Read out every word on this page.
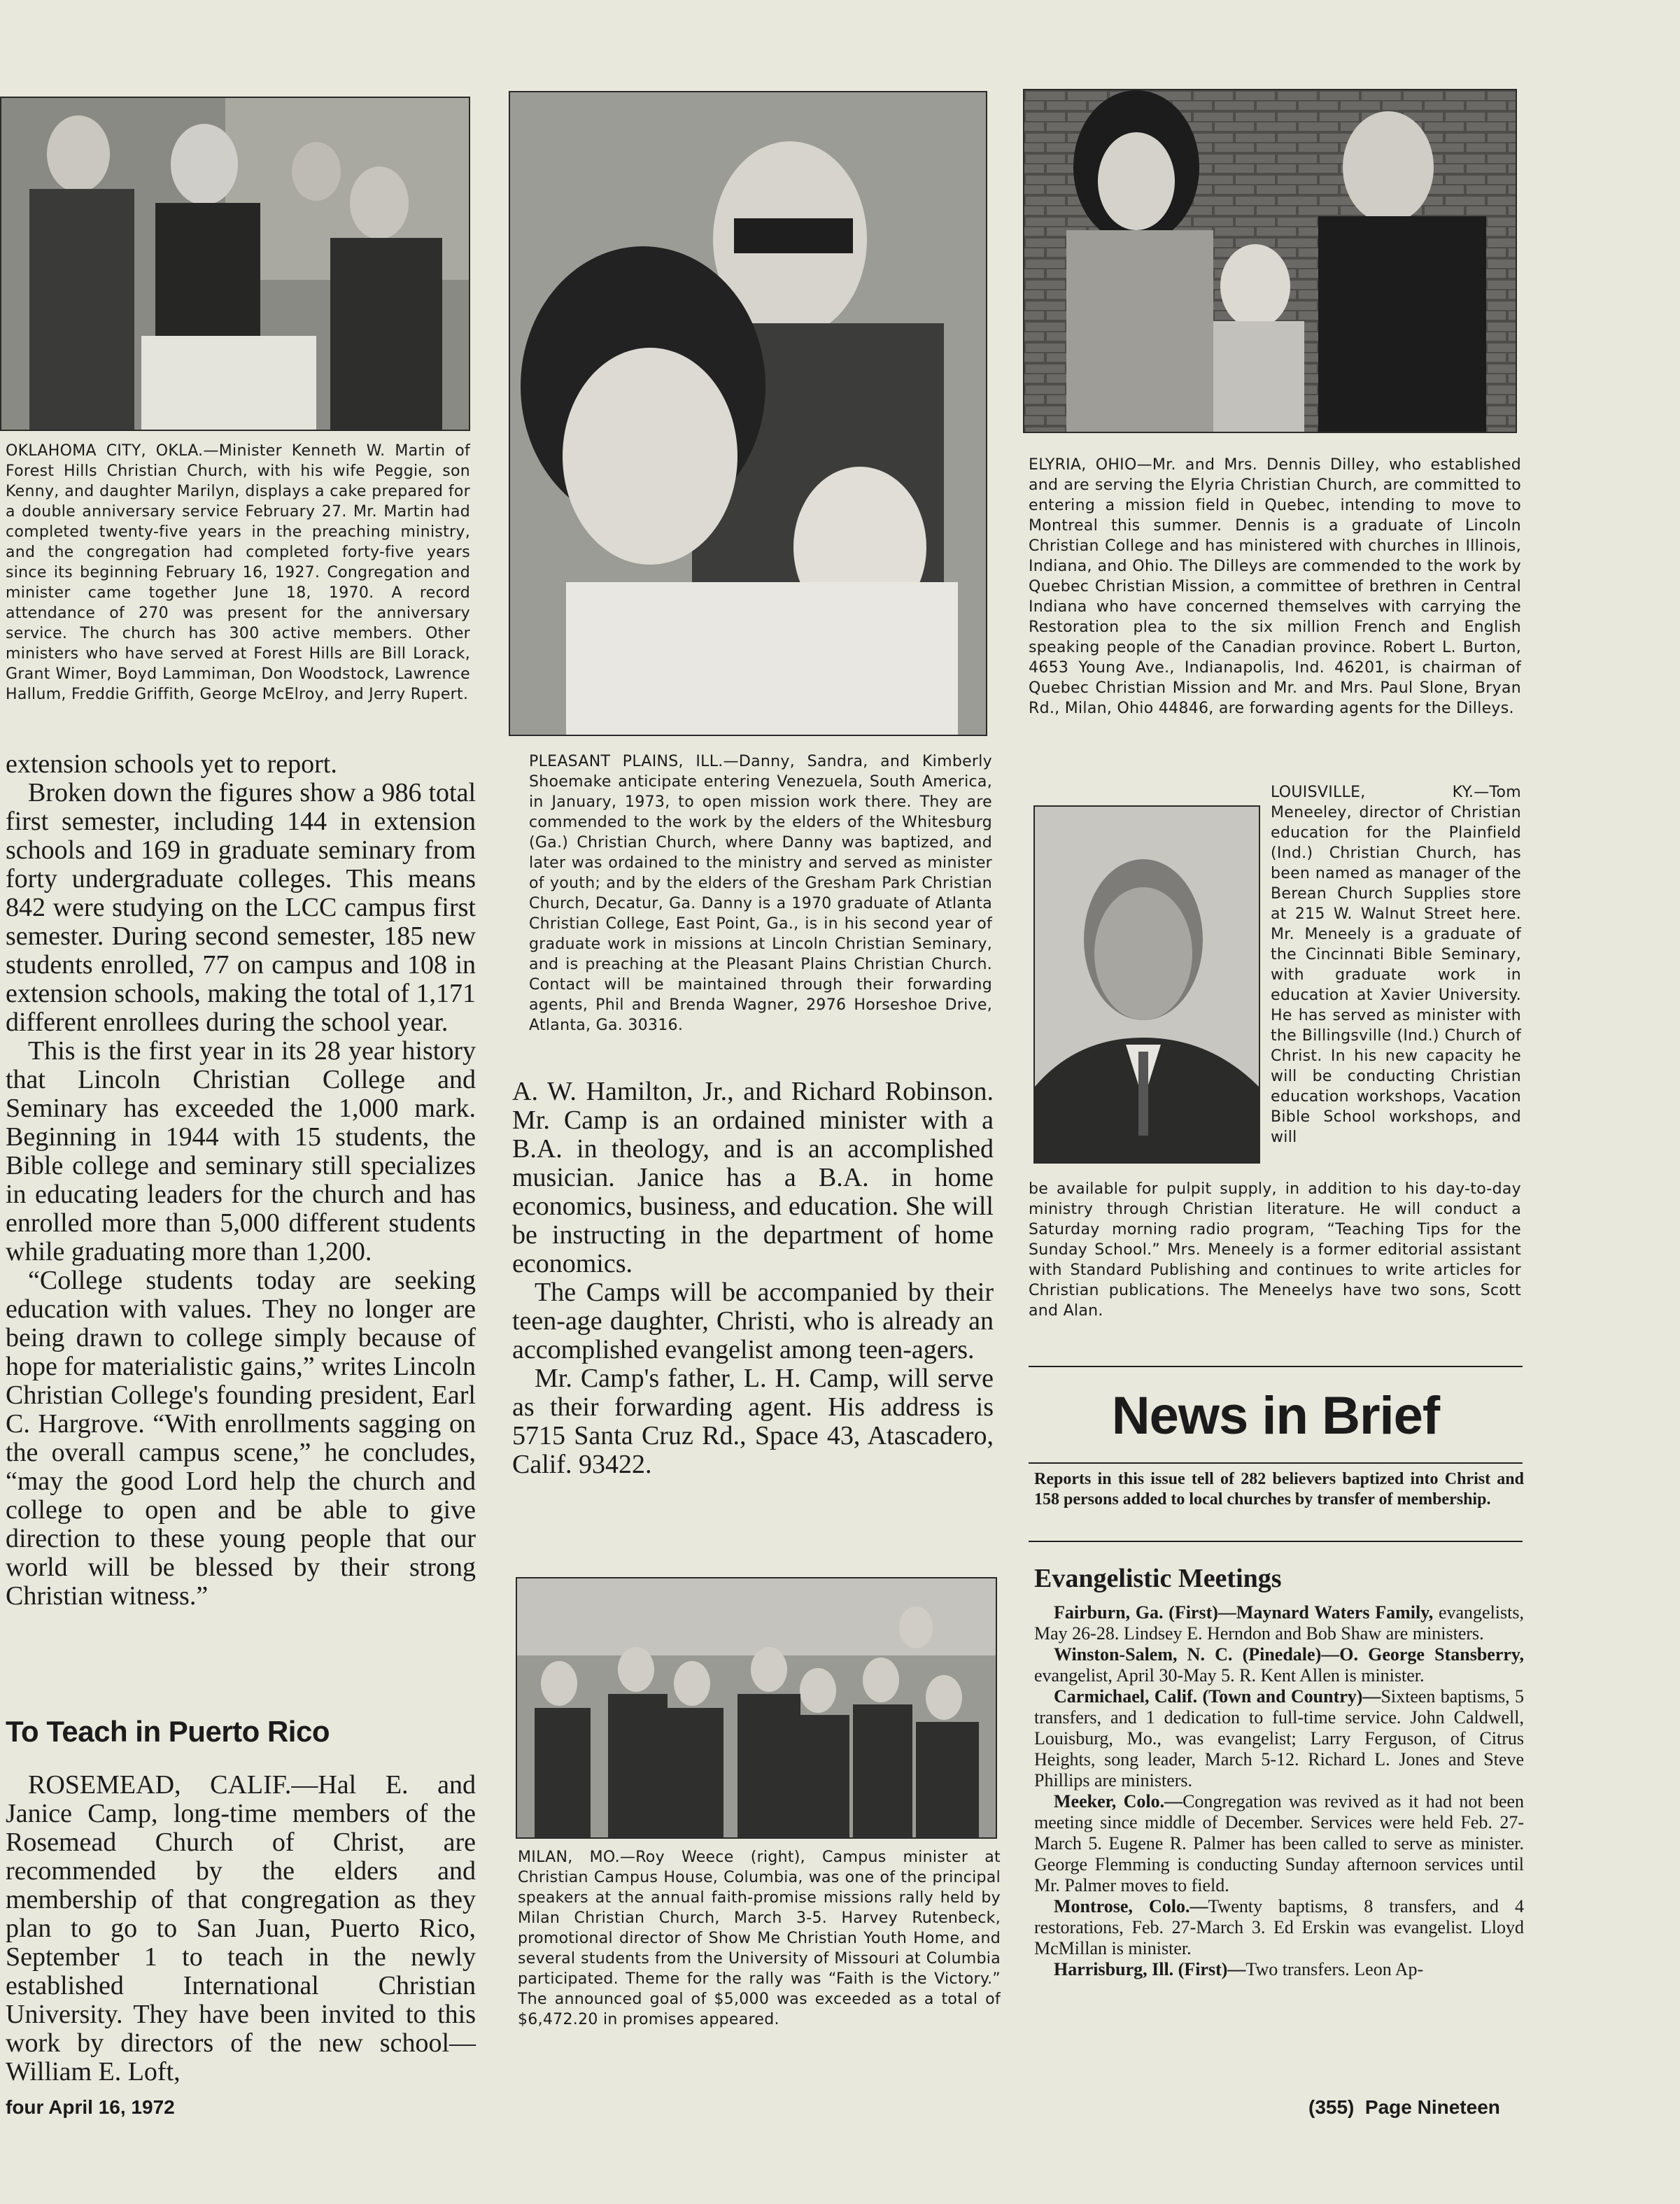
OKLAHOMA CITY, OKLA.—Minister Kenneth W. Martin of Forest Hills Christian Church, with his wife Peggie, son Kenny, and daughter Marilyn, displays a cake prepared for a double anniversary service February 27. Mr. Martin had completed twenty-five years in the preaching ministry, and the congregation had completed forty-five years since its beginning February 16, 1927. Congregation and minister came together June 18, 1970. A record attendance of 270 was present for the anniversary service. The church has 300 active members. Other ministers who have served at Forest Hills are Bill Lorack, Grant Wimer, Boyd Lammiman, Don Woodstock, Lawrence Hallum, Freddie Griffith, George McElroy, and Jerry Rupert.
PLEASANT PLAINS, ILL.—Danny, Sandra, and Kimberly Shoemake anticipate entering Venezuela, South America, in January, 1973, to open mission work there. They are commended to the work by the elders of the Whitesburg (Ga.) Christian Church, where Danny was baptized, and later was ordained to the ministry and served as minister of youth; and by the elders of the Gresham Park Christian Church, Decatur, Ga. Danny is a 1970 graduate of Atlanta Christian College, East Point, Ga., is in his second year of graduate work in missions at Lincoln Christian Seminary, and is preaching at the Pleasant Plains Christian Church. Contact will be maintained through their forwarding agents, Phil and Brenda Wagner, 2976 Horseshoe Drive, Atlanta, Ga. 30316.
ELYRIA, OHIO—Mr. and Mrs. Dennis Dilley, who established and are serving the Elyria Christian Church, are committed to entering a mission field in Quebec, intending to move to Montreal this summer. Dennis is a graduate of Lincoln Christian College and has ministered with churches in Illinois, Indiana, and Ohio. The Dilleys are commended to the work by Quebec Christian Mission, a committee of brethren in Central Indiana who have concerned themselves with carrying the Restoration plea to the six million French and English speaking people of the Canadian province. Robert L. Burton, 4653 Young Ave., Indianapolis, Ind. 46201, is chairman of Quebec Christian Mission and Mr. and Mrs. Paul Slone, Bryan Rd., Milan, Ohio 44846, are forwarding agents for the Dilleys.
LOUISVILLE, KY.—Tom Meneeley, director of Christian education for the Plainfield (Ind.) Christian Church, has been named as manager of the Berean Church Supplies store at 215 W. Walnut Street here. Mr. Meneely is a graduate of the Cincinnati Bible Seminary, with graduate work in education at Xavier University. He has served as minister with the Billingsville (Ind.) Church of Christ. In his new capacity he will be conducting Christian education workshops, Vacation Bible School workshops, and will
be available for pulpit supply, in addition to his day-to-day ministry through Christian literature. He will conduct a Saturday morning radio program, “Teaching Tips for the Sunday School.” Mrs. Meneely is a former editorial assistant with Standard Publishing and continues to write articles for Christian publications. The Meneelys have two sons, Scott and Alan.
MILAN, MO.—Roy Weece (right), Campus minister at Christian Campus House, Columbia, was one of the principal speakers at the annual faith-promise missions rally held by Milan Christian Church, March 3-5. Harvey Rutenbeck, promotional director of Show Me Christian Youth Home, and several students from the University of Missouri at Columbia participated. Theme for the rally was “Faith is the Victory.” The announced goal of $5,000 was exceeded as a total of $6,472.20 in promises appeared.

extension schools yet to report.

Broken down the figures show a 986 total first semester, including 144 in extension schools and 169 in graduate seminary from forty undergraduate colleges. This means 842 were studying on the LCC campus first semester. During second semester, 185 new students enrolled, 77 on campus and 108 in extension schools, making the total of 1,171 different enrollees during the school year.

This is the first year in its 28 year history that Lincoln Christian College and Seminary has exceeded the 1,000 mark. Beginning in 1944 with 15 students, the Bible college and seminary still specializes in educating leaders for the church and has enrolled more than 5,000 different students while graduating more than 1,200.

“College students today are seeking education with values. They no longer are being drawn to college simply because of hope for materialistic gains,” writes Lincoln Christian College's founding president, Earl C. Hargrove. “With enrollments sagging on the overall campus scene,” he concludes, “may the good Lord help the church and college to open and be able to give direction to these young people that our world will be blessed by their strong Christian witness.”

To Teach in Puerto Rico

ROSEMEAD, CALIF.—Hal E. and Janice Camp, long-time members of the Rosemead Church of Christ, are recommended by the elders and membership of that congregation as they plan to go to San Juan, Puerto Rico, September 1 to teach in the newly established International Christian University. They have been invited to this work by directors of the new school—William E. Loft,

A. W. Hamilton, Jr., and Richard Robinson. Mr. Camp is an ordained minister with a B.A. in theology, and is an accomplished musician. Janice has a B.A. in home economics, business, and education. She will be instructing in the department of home economics.

The Camps will be accompanied by their teen-age daughter, Christi, who is already an accomplished evangelist among teen-agers.

Mr. Camp's father, L. H. Camp, will serve as their forwarding agent. His address is 5715 Santa Cruz Rd., Space 43, Atascadero, Calif. 93422.

News in Brief
Reports in this issue tell of 282 believers baptized into Christ and 158 persons added to local churches by transfer of membership.
Evangelistic Meetings

Fairburn, Ga. (First)—Maynard Waters Family, evangelists, May 26-28. Lindsey E. Herndon and Bob Shaw are ministers.

Winston-Salem, N. C. (Pinedale)—O. George Stansberry, evangelist, April 30-May 5. R. Kent Allen is minister.

Carmichael, Calif. (Town and Country)—Sixteen baptisms, 5 transfers, and 1 dedication to full-time service. John Caldwell, Louisburg, Mo., was evangelist; Larry Ferguson, of Citrus Heights, song leader, March 5-12. Richard L. Jones and Steve Phillips are ministers.

Meeker, Colo.—Congregation was revived as it had not been meeting since middle of December. Services were held Feb. 27-March 5. Eugene R. Palmer has been called to serve as minister. George Flemming is conducting Sunday afternoon services until Mr. Palmer moves to field.

Montrose, Colo.—Twenty baptisms, 8 transfers, and 4 restorations, Feb. 27-March 3. Ed Erskin was evangelist. Lloyd McMillan is minister.

Harrisburg, Ill. (First)—Two transfers. Leon Ap-

four April 16, 1972	(355)  Page Nineteen
